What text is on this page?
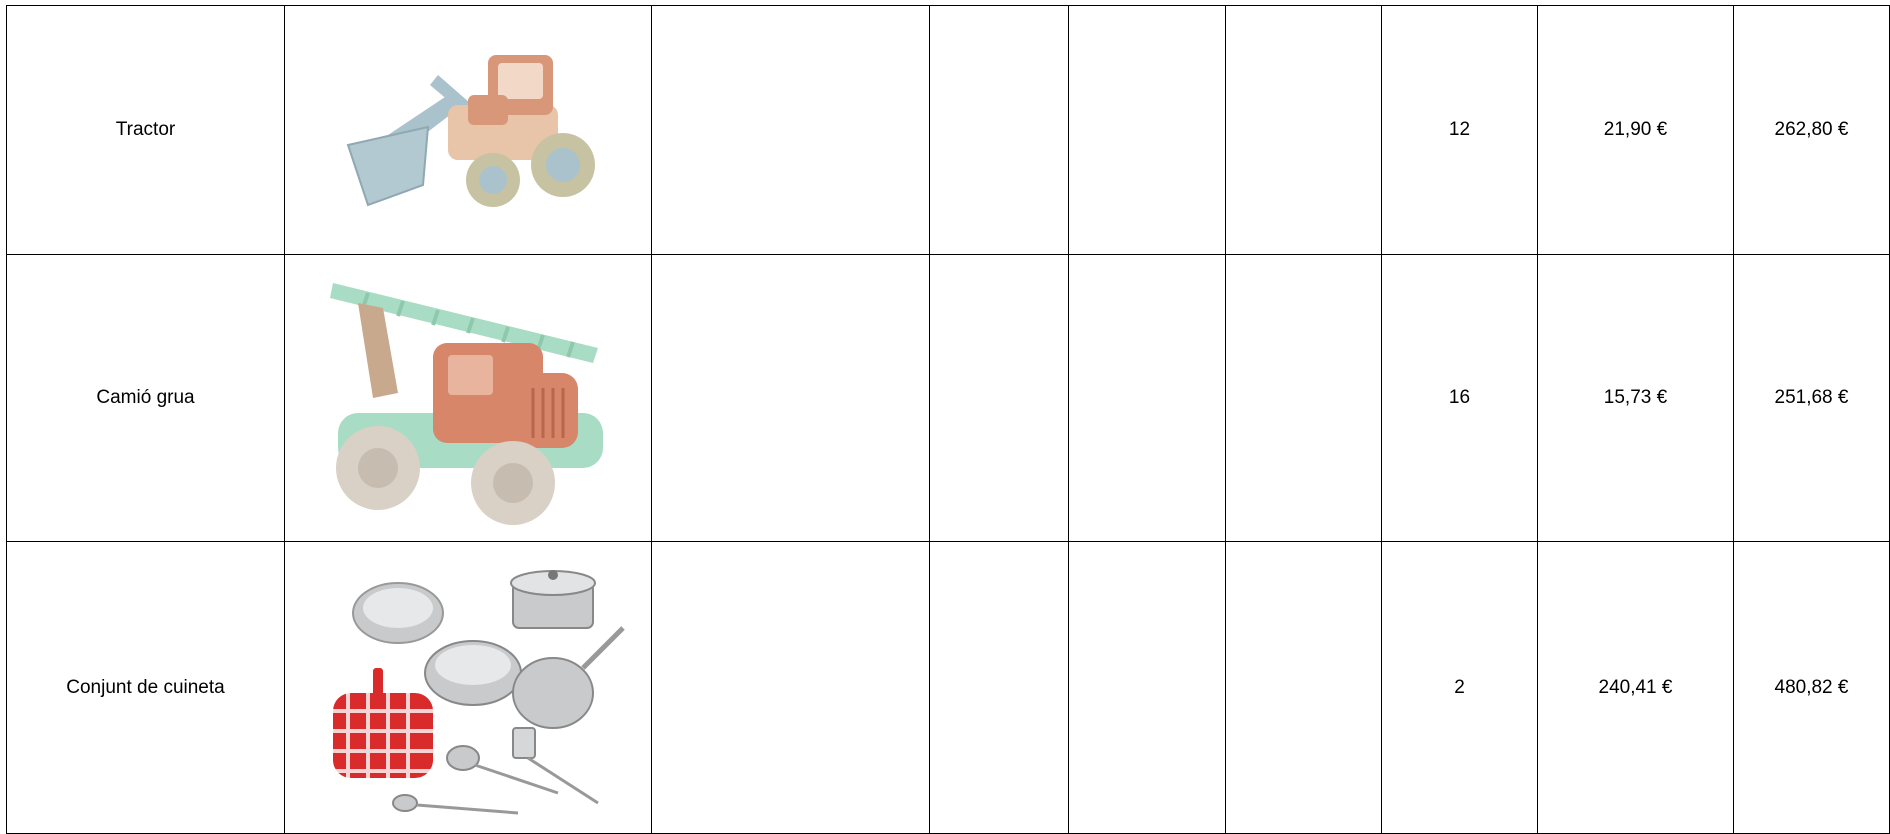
Tractor						12	21,90 €	262,80 €
Camió grua						16	15,73 €	251,68 €
Conjunt de cuineta						2	240,41 €	480,82 €
